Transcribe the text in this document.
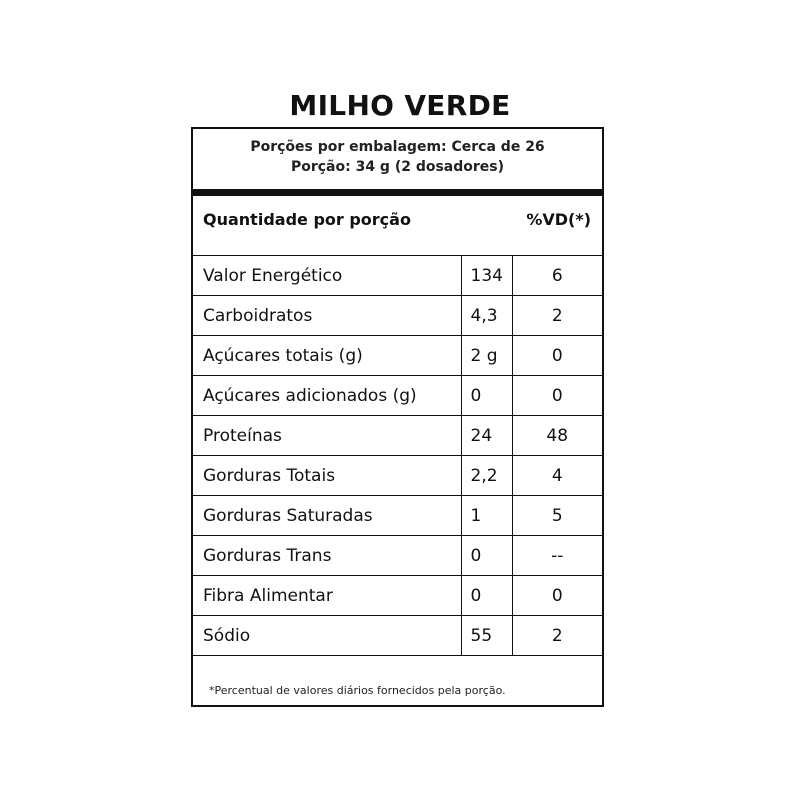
MILHO VERDE
Porções por embalagem: Cerca de 26
Porção: 34 g (2 dosadores)
Quantidade por porção	%VD(*)
Valor Energético	134	6
Carboidratos	4,3	2
Açúcares totais (g)	2 g	0
Açúcares adicionados (g)	0	0
Proteínas	24	48
Gorduras Totais	2,2	4
Gorduras Saturadas	1	5
Gorduras Trans	0	--
Fibra Alimentar	0	0
Sódio	55	2
*Percentual de valores diários fornecidos pela porção.
